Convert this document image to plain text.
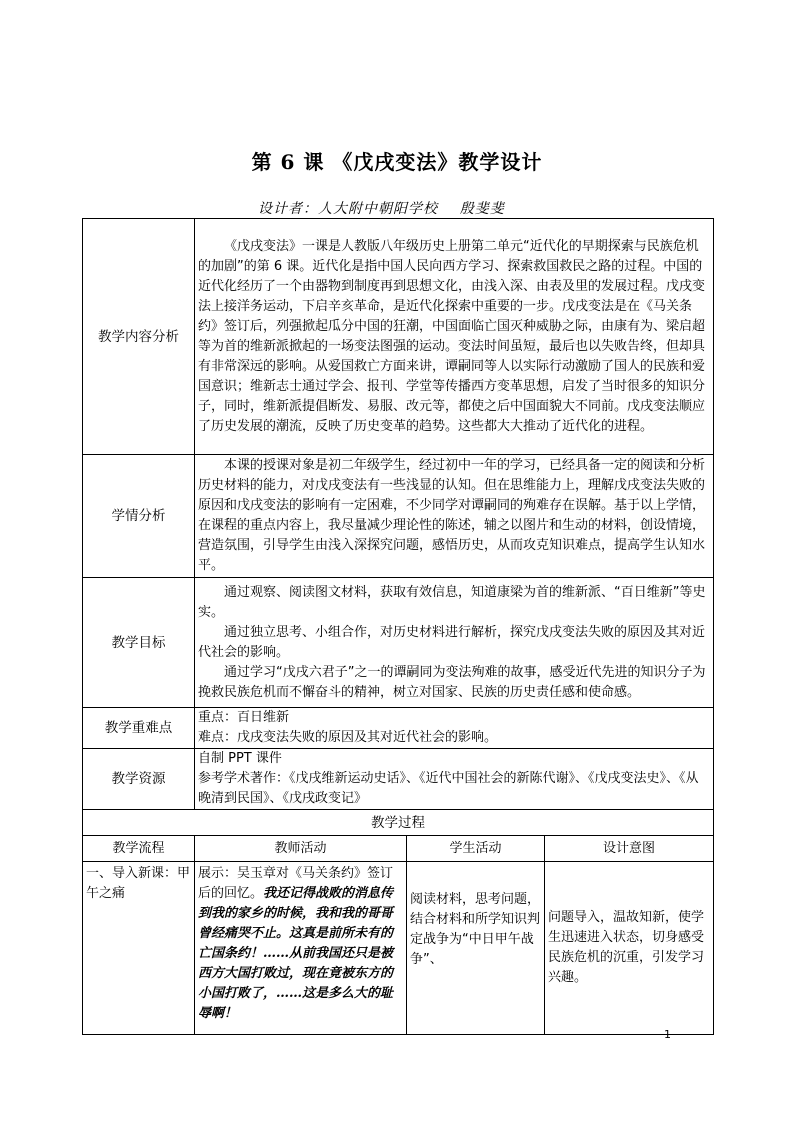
第 6 课 《戊戌变法》教学设计
设计者：人大附中朝阳学校    殷斐斐
教学内容分析	《戊戌变法》一课是人教版八年级历史上册第二单元“近代化的早期探索与民族危机的加剧”的第 6 课。近代化是指中国人民向西方学习、探索救国救民之路的过程。中国的近代化经历了一个由器物到制度再到思想文化，由浅入深、由表及里的发展过程。戊戌变法上接洋务运动，下启辛亥革命，是近代化探索中重要的一步。戊戌变法是在《马关条约》签订后，列强掀起瓜分中国的狂潮，中国面临亡国灭种威胁之际，由康有为、梁启超等为首的维新派掀起的一场变法图强的运动。变法时间虽短，最后也以失败告终，但却具有非常深远的影响。从爱国救亡方面来讲，谭嗣同等人以实际行动激励了国人的民族和爱国意识；维新志士通过学会、报刊、学堂等传播西方变革思想，启发了当时很多的知识分子，同时，维新派提倡断发、易服、改元等，都使之后中国面貌大不同前。戊戌变法顺应了历史发展的潮流，反映了历史变革的趋势。这些都大大推动了近代化的进程。		

学情分析	本课的授课对象是初二年级学生，经过初中一年的学习，已经具备一定的阅读和分析历史材料的能力，对戊戌变法有一些浅显的认知。但在思维能力上，理解戊戌变法失败的原因和戊戌变法的影响有一定困难，不少同学对谭嗣同的殉难存在误解。基于以上学情，在课程的重点内容上，我尽量减少理论性的陈述，辅之以图片和生动的材料，创设情境，营造氛围，引导学生由浅入深探究问题，感悟历史，从而攻克知识难点，提高学生认知水平。		

教学目标	通过观察、阅读图文材料，获取有效信息，知道康梁为首的维新派、“百日维新”等史实。

通过独立思考、小组合作，对历史材料进行解析，探究戊戌变法失败的原因及其对近代社会的影响。

通过学习“戊戌六君子”之一的谭嗣同为变法殉难的故事，感受近代先进的知识分子为挽救民族危机而不懈奋斗的精神，树立对国家、民族的历史责任感和使命感。		

教学重难点	重点：百日维新

难点：戊戌变法失败的原因及其对近代社会的影响。		

教学资源	自制 PPT 课件

参考学术著作：《戊戌维新运动史话》、《近代中国社会的新陈代谢》、《戊戌变法史》、《从晚清到民国》、《戊戌政变记》		

教学过程			
教学流程	教师活动	学生活动	设计意图
一、导入新课：甲午之痛	展示：吴玉章对《马关条约》签订后的回忆。我还记得战败的消息传到我的家乡的时候，我和我的哥哥曾经痛哭不止。这真是前所未有的亡国条约！……从前我国还只是被西方大国打败过，现在竟被东方的小国打败了，……这是多么大的耻辱啊！	阅读材料，思考问题，结合材料和所学知识判定战争为“中日甲午战争”、	问题导入，温故知新，使学生迅速进入状态，切身感受民族危机的沉重，引发学习兴趣。
1
